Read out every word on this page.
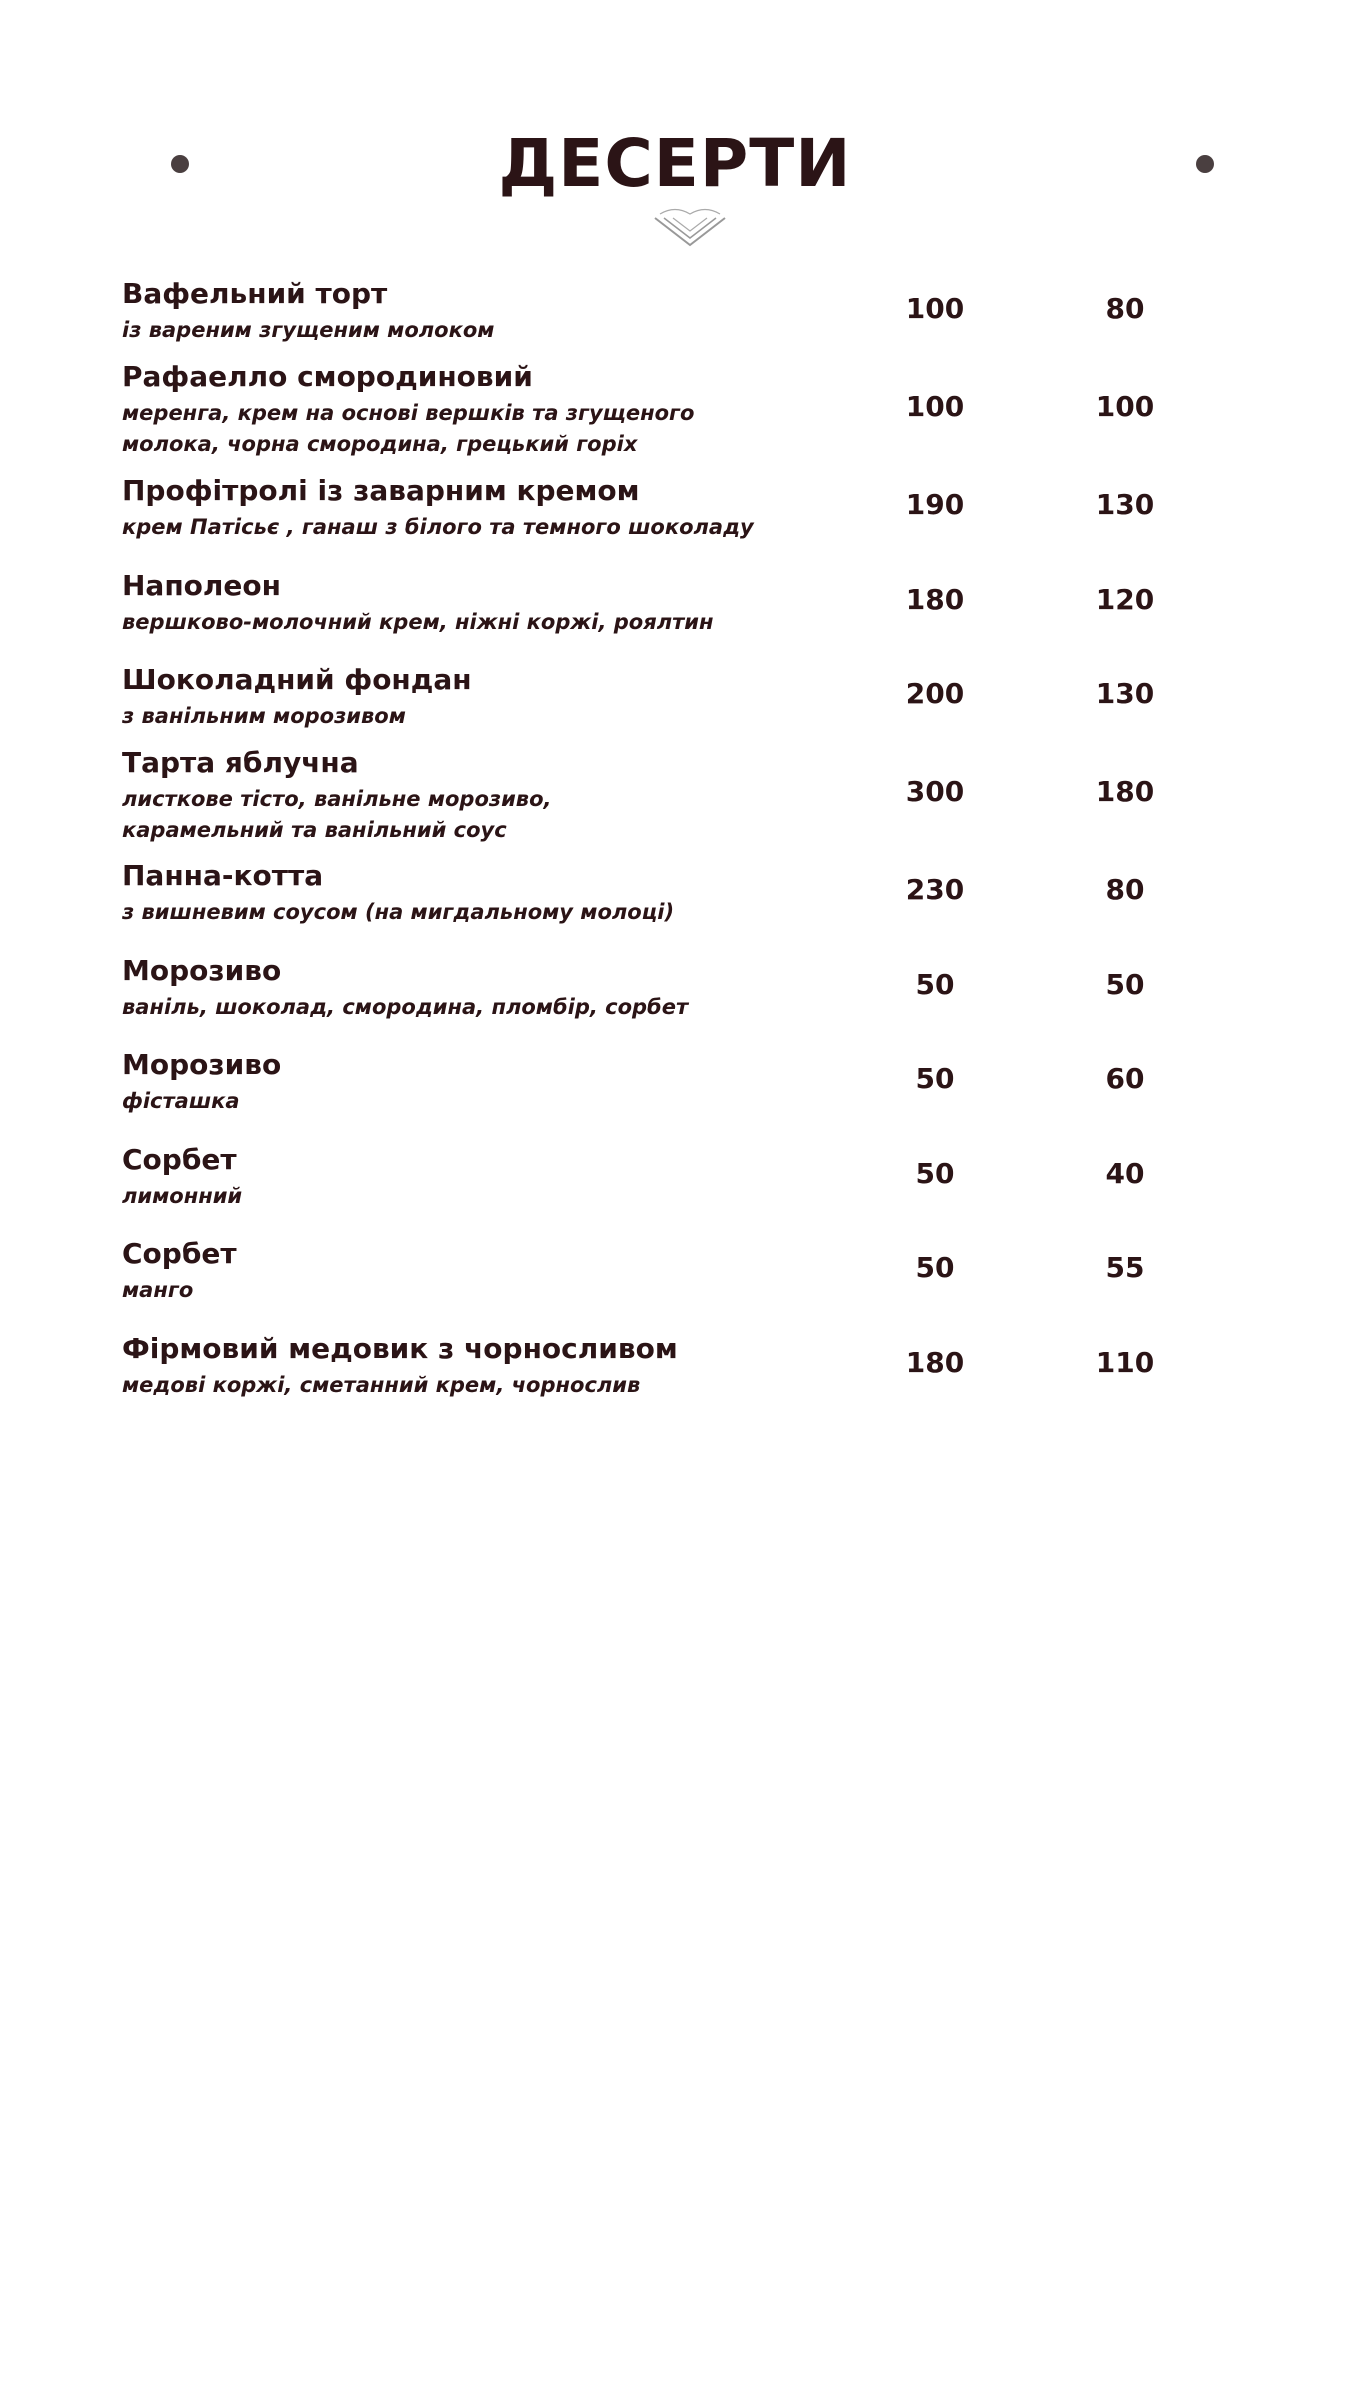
ДЕСЕРТИ
Вафельний торт
із вареним згущеним молоком
100	80
Рафаелло смородиновий
меренга, крем на основі вершків та згущеного
молока, чорна смородина, грецький горіх
100	100
Профітролі із заварним кремом
крем Патісьє , ганаш з білого та темного шоколаду
190	130
Наполеон
вершково-молочний крем, ніжні коржі, роялтин
180	120
Шоколадний фондан
з ванільним морозивом
200	130
Тарта яблучна
листкове тісто, ванільне морозиво,
карамельний та ванільний соус
300	180
Панна-котта
з вишневим соусом (на мигдальному молоці)
230	80
Морозиво
ваніль, шоколад, смородина, пломбір, сорбет
50	50
Морозиво
фісташка
50	60
Сорбет
лимонний
50	40
Сорбет
манго
50	55
Фірмовий медовик з чорносливом
медові коржі, сметанний крем, чорнослив
180	110
